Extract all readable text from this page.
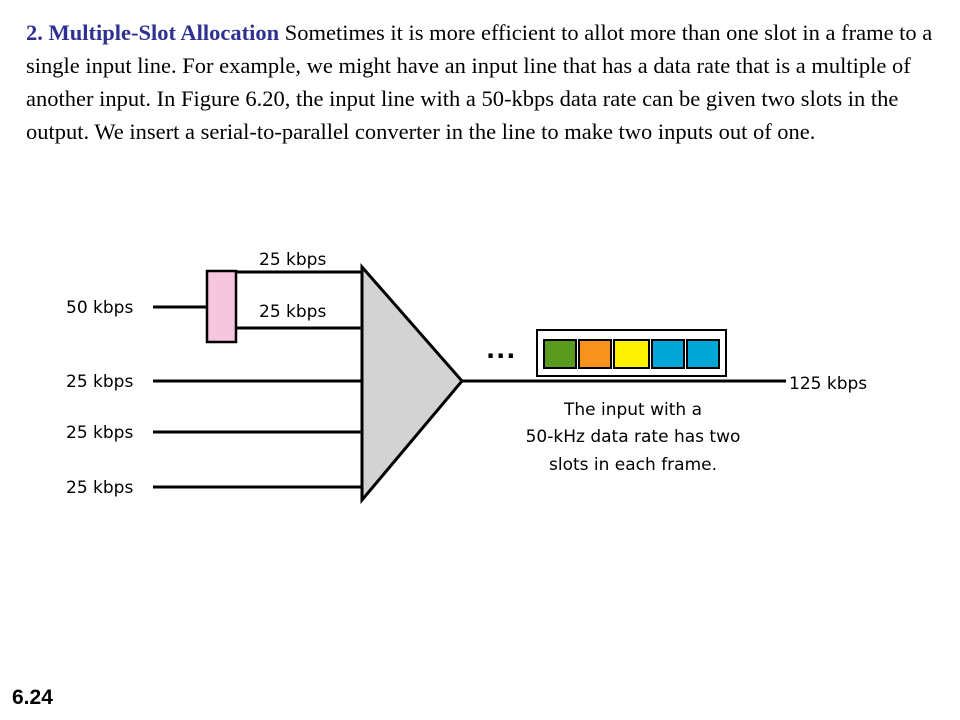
2. Multiple-Slot Allocation Sometimes it is more efficient to allot more than one slot in a frame to a single input line. For example, we might have an input line that has a data rate that is a multiple of another input. In Figure 6.20, the input line with a 50-kbps data rate can be given two slots in the output. We insert a serial-to-parallel converter in the line to make two inputs out of one.

50 kbps
25 kbps
25 kbps
25 kbps
25 kbps
25 kbps
125 kbps
...
The input with a
50-kHz data rate has two
slots in each frame.
6.24
